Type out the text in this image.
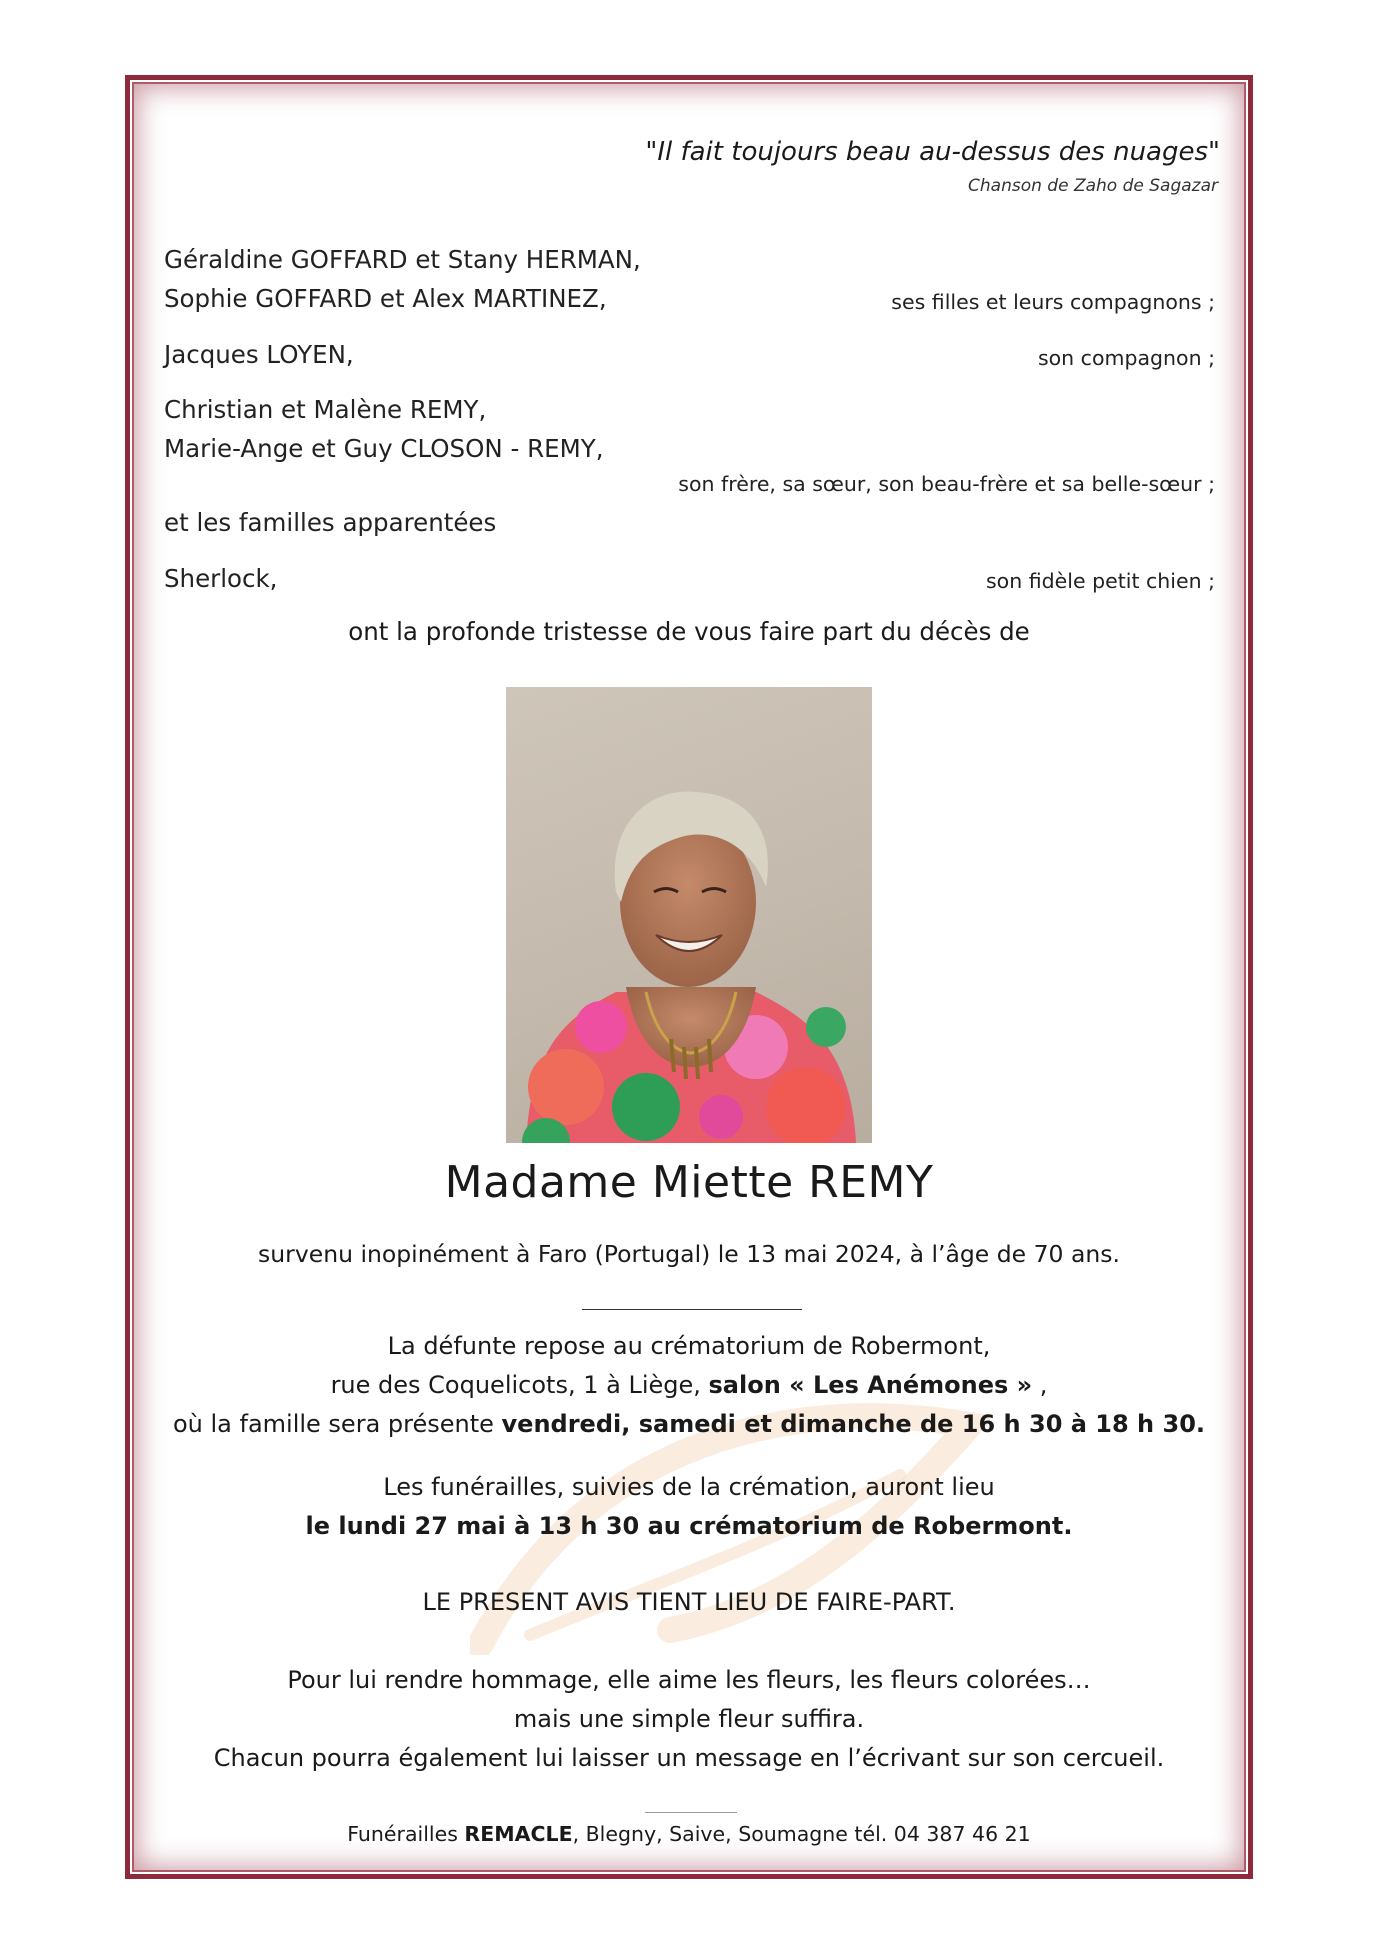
"Il fait toujours beau au-dessus des nuages"
Chanson de Zaho de Sagazar
Géraldine GOFFARD et Stany HERMAN,
Sophie GOFFARD et Alex MARTINEZ,	ses filles et leurs compagnons ;
Jacques LOYEN,	son compagnon ;
Christian et Malène REMY,
Marie-Ange et Guy CLOSON - REMY,
son frère, sa sœur, son beau-frère et sa belle-sœur ;
et les familles apparentées
Sherlock,	son fidèle petit chien ;
ont la profonde tristesse de vous faire part du décès de
Madame Miette REMY
survenu inopinément à Faro (Portugal) le 13 mai 2024, à l’âge de 70 ans.
La défunte repose au crématorium de Robermont,
rue des Coquelicots, 1 à Liège, salon « Les Anémones » ,
où la famille sera présente vendredi, samedi et dimanche de 16 h 30 à 18 h 30.
Les funérailles, suivies de la crémation, auront lieu
le lundi 27 mai à 13 h 30 au crématorium de Robermont.
LE PRESENT AVIS TIENT LIEU DE FAIRE-PART.
Pour lui rendre hommage, elle aime les fleurs, les fleurs colorées…
mais une simple fleur suffira.
Chacun pourra également lui laisser un message en l’écrivant sur son cercueil.
Funérailles REMACLE, Blegny, Saive, Soumagne tél. 04 387 46 21
